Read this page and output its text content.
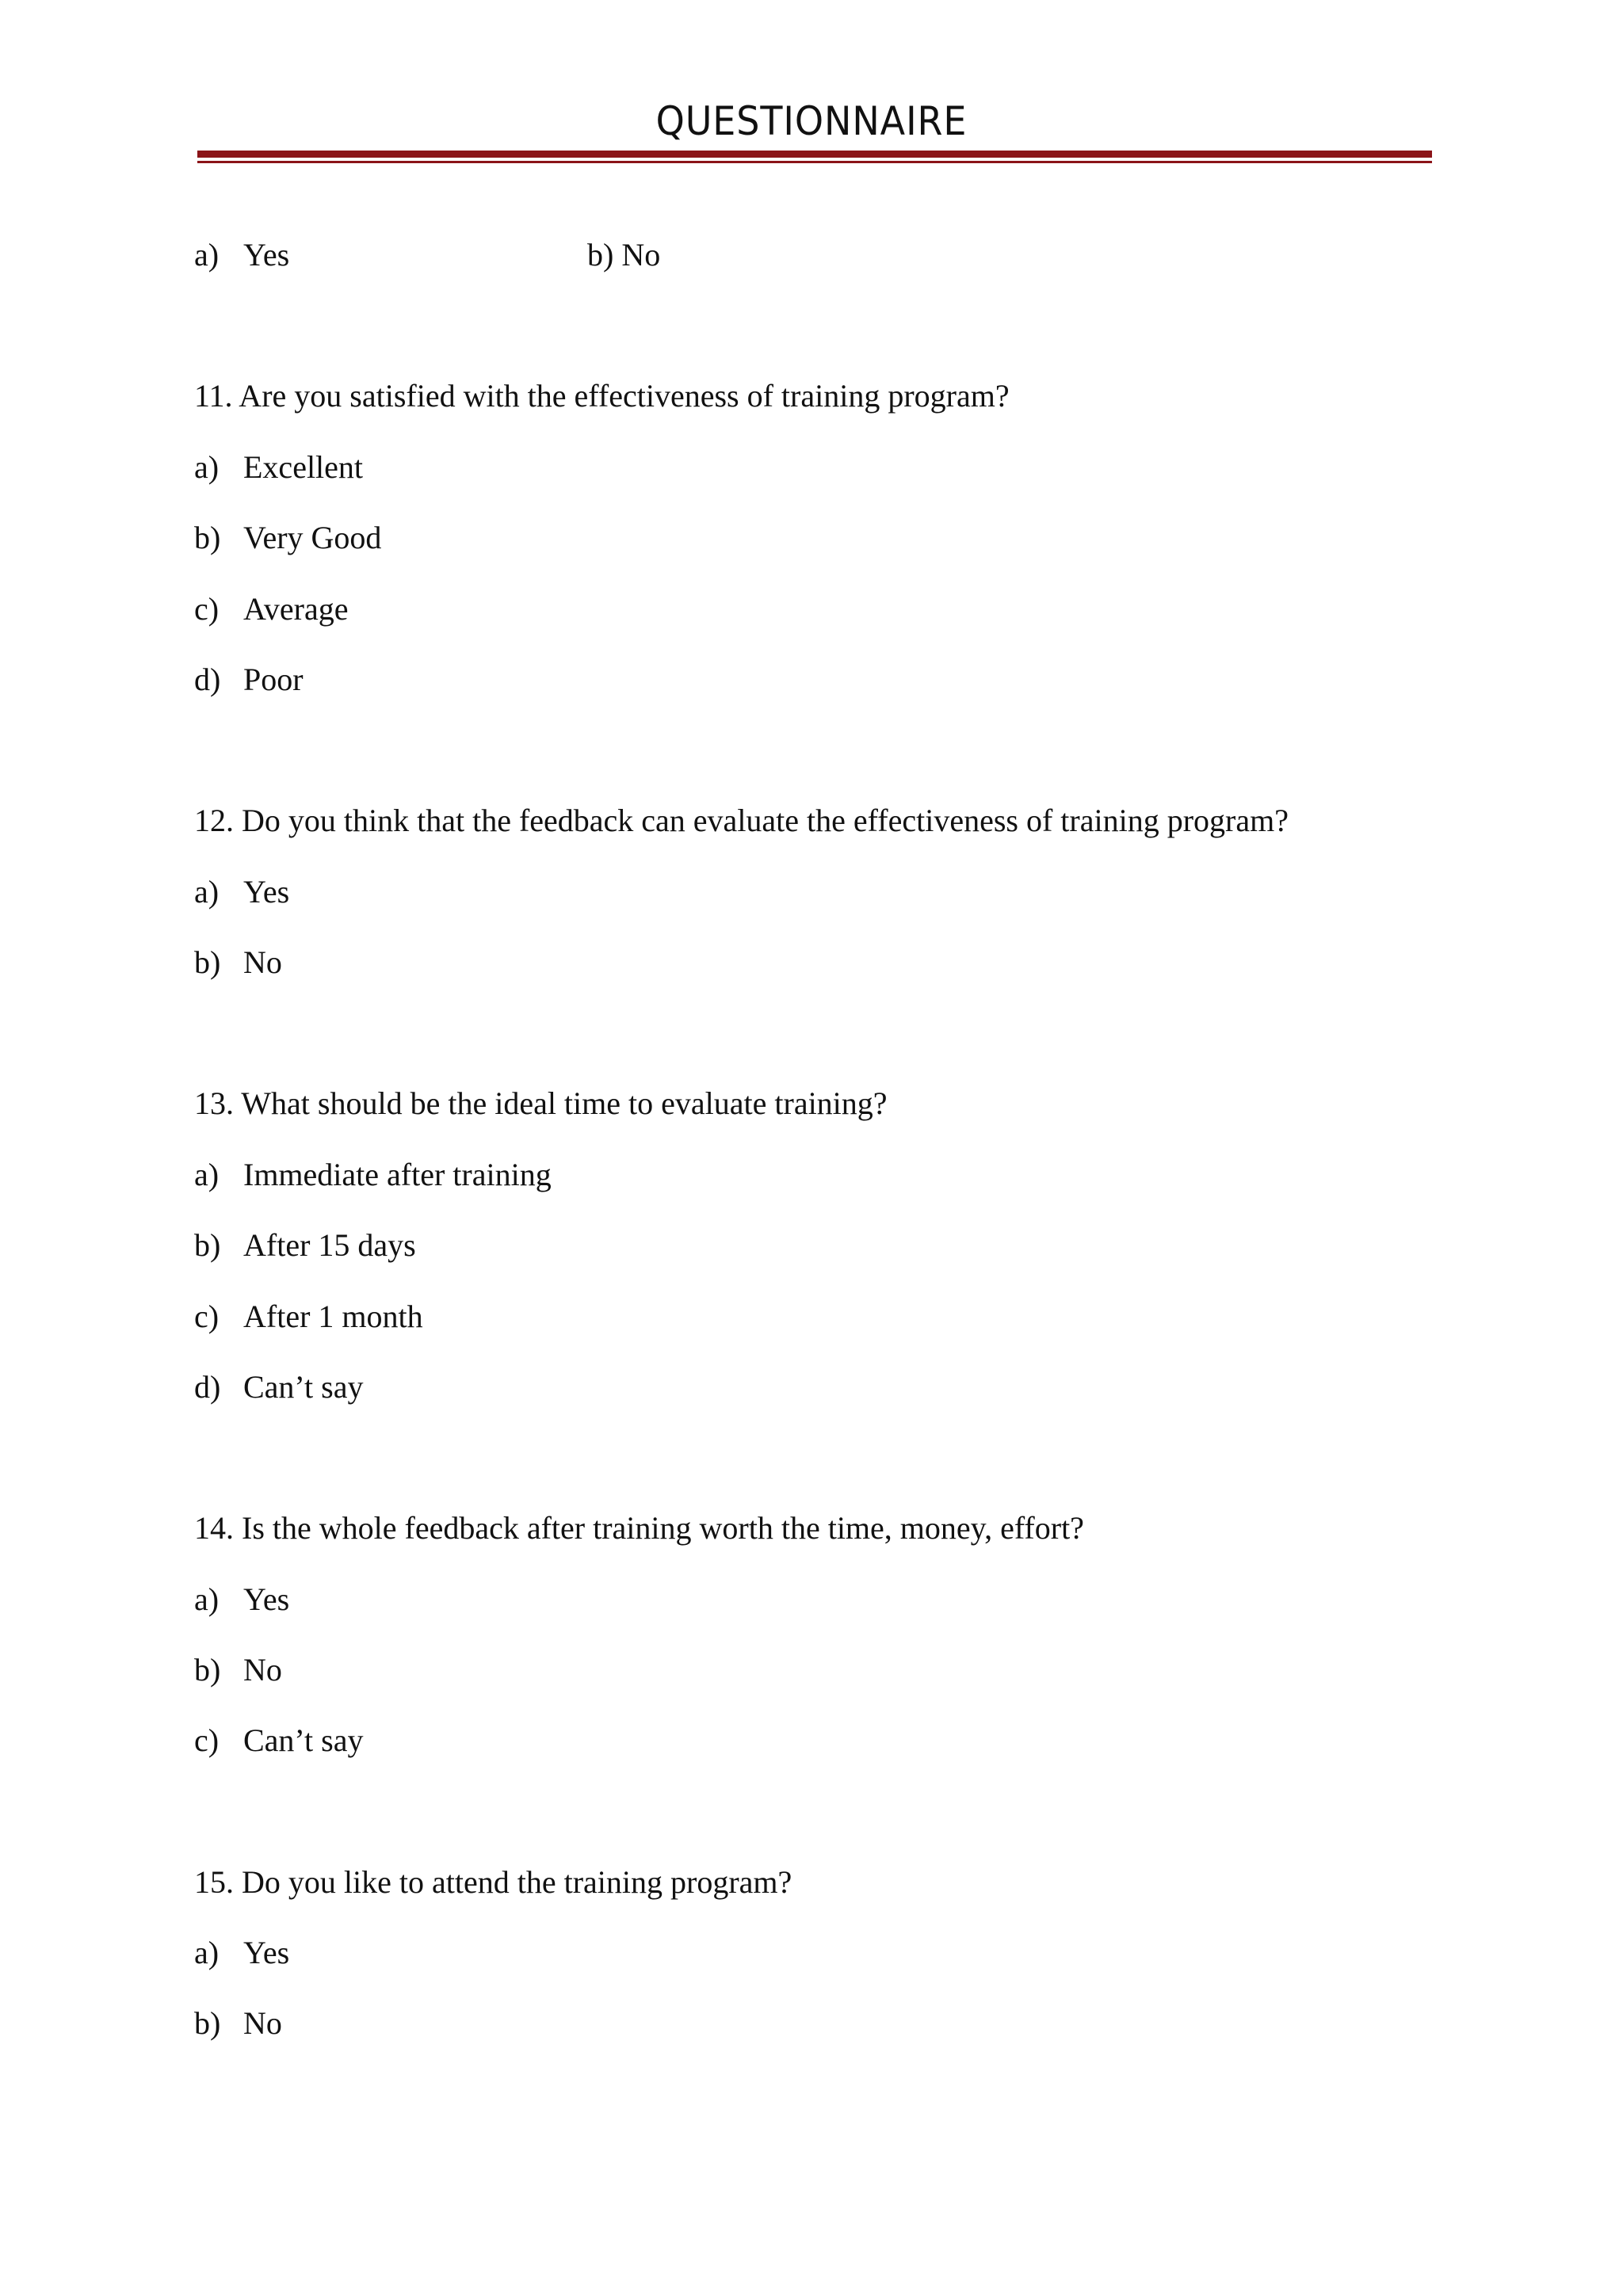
QUESTIONNAIRE
a) Yes	b) No
11. Are you satisfied with the effectiveness of training program?
a) Excellent
b) Very Good
c) Average
d) Poor
12. Do you think that the feedback can evaluate the effectiveness of training program?
a) Yes
b) No
13. What should be the ideal time to evaluate training?
a) Immediate after training
b) After 15 days
c) After 1 month
d) Can’t say
14. Is the whole feedback after training worth the time, money, effort?
a) Yes
b) No
c) Can’t say
15. Do you like to attend the training program?
a) Yes
b) No
